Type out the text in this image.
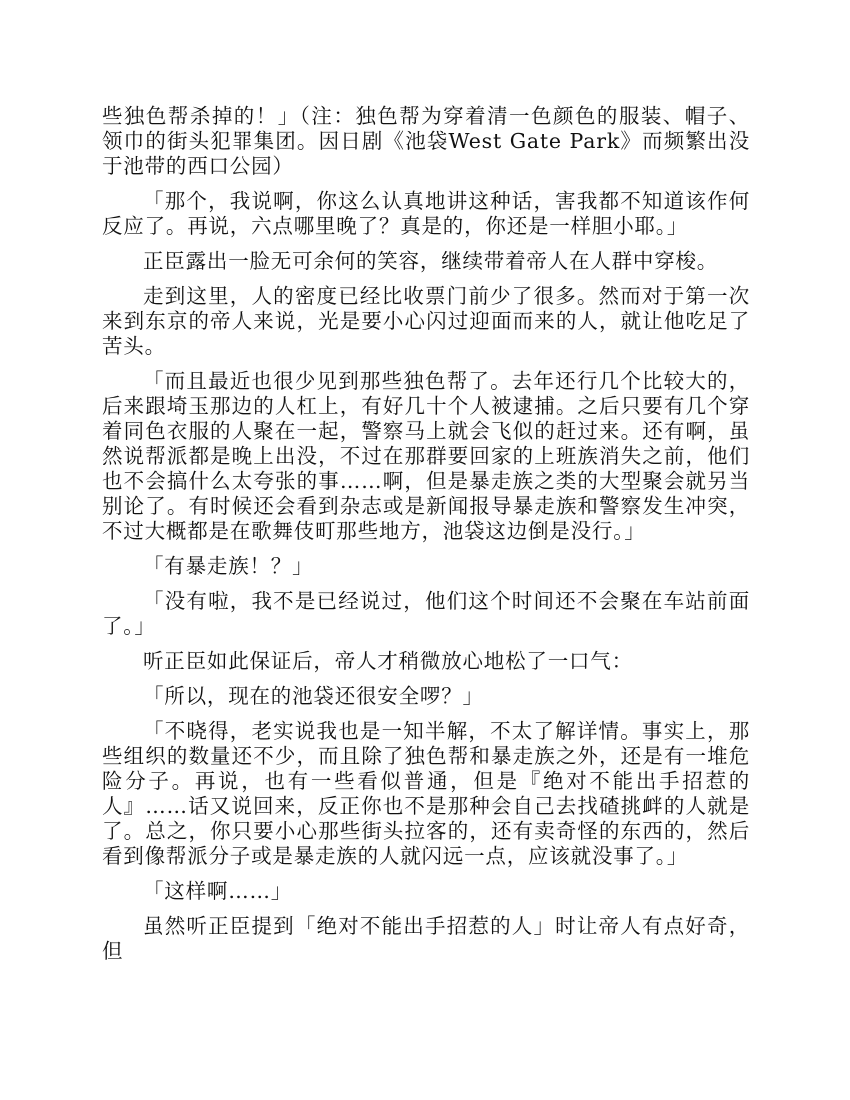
些独色帮杀掉的！」（注：独色帮为穿着清一色颜色的服装、帽子、领巾的街头犯罪集团。因日剧《池袋West Gate Park》而频繁出没于池带的西口公园）

「那个，我说啊，你这么认真地讲这种话，害我都不知道该作何反应了。再说，六点哪里晚了？真是的，你还是一样胆小耶。」

正臣露出一脸无可余何的笑容，继续带着帝人在人群中穿梭。

走到这里，人的密度已经比收票门前少了很多。然而对于第一次来到东京的帝人来说，光是要小心闪过迎面而来的人，就让他吃足了苦头。

「而且最近也很少见到那些独色帮了。去年还行几个比较大的，后来跟埼玉那边的人杠上，有好几十个人被逮捕。之后只要有几个穿着同色衣服的人聚在一起，警察马上就会飞似的赶过来。还有啊，虽然说帮派都是晚上出没，不过在那群要回家的上班族消失之前，他们也不会搞什么太夸张的事……啊，但是暴走族之类的大型聚会就另当别论了。有时候还会看到杂志或是新闻报导暴走族和警察发生冲突，不过大概都是在歌舞伎町那些地方，池袋这边倒是没行。」

「有暴走族！？」

「没有啦，我不是已经说过，他们这个时间还不会聚在车站前面了。」

听正臣如此保证后，帝人才稍微放心地松了一口气：

「所以，现在的池袋还很安全啰？」

「不晓得，老实说我也是一知半解，不太了解详情。事实上，那些组织的数量还不少，而且除了独色帮和暴走族之外，还是有一堆危险分子。再说，也有一些看似普通，但是『绝对不能出手招惹的人』……话又说回来，反正你也不是那种会自己去找碴挑衅的人就是了。总之，你只要小心那些街头拉客的，还有卖奇怪的东西的，然后看到像帮派分子或是暴走族的人就闪远一点，应该就没事了。」

「这样啊……」

虽然听正臣提到「绝对不能出手招惹的人」时让帝人有点好奇，但
